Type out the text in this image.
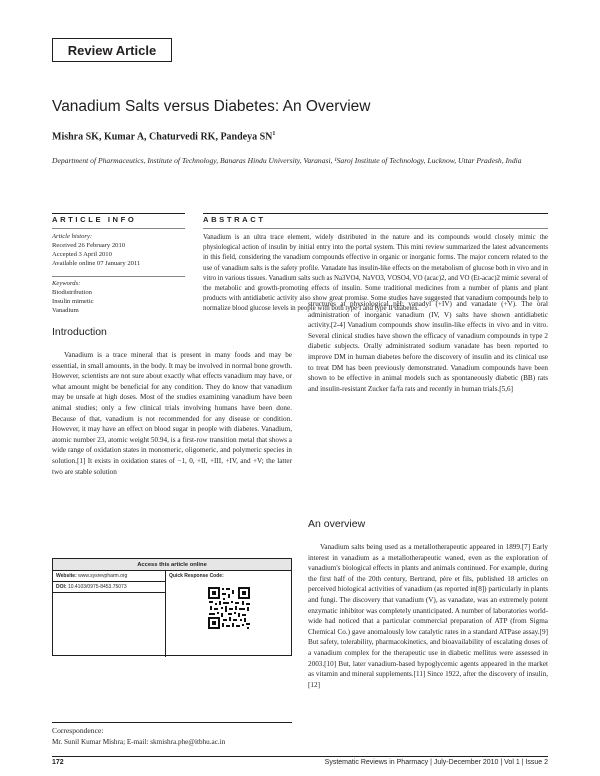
Review Article
Vanadium Salts versus Diabetes: An Overview
Mishra SK, Kumar A, Chaturvedi RK, Pandeya $SN^1$
Department of Pharmaceutics, Institute of Technology, Banaras Hindu University, Varanasi, ¹Saroj Institute of Technology, Lucknow, Uttar Pradesh, India
ARTICLE INFO
Article history:
Received 26 February 2010
Accepted 3 April 2010
Available online 07 January 2011
Keywords:
Biodistribution
Insulin mimetic
Vanadium
ABSTRACT

Vanadium is an ultra trace element, widely distributed in the nature and its compounds would closely mimic the physiological action of insulin by initial entry into the portal system. This mini review summarized the latest advancements in this field, considering the vanadium compounds effective in organic or inorganic forms. The major concern related to the use of vanadium salts is the safety profile. Vanadate has insulin-like effects on the metabolism of glucose both in vivo and in vitro in various tissues. Vanadium salts such as Na3VO4, NaVO3, VOSO4, VO (acac)2, and VO (Et-acac)2 mimic several of the metabolic and growth-promoting effects of insulin. Some traditional medicines from a number of plants and plant products with antidiabetic activity also show great promise. Some studies have suggested that vanadium compounds help to normalize blood glucose levels in people with both type I and type II diabetes.

Introduction

Vanadium is a trace mineral that is present in many foods and may be essential, in small amounts, in the body. It may be involved in normal bone growth. However, scientists are not sure about exactly what effects vanadium may have, or what amount might be beneficial for any condition. They do know that vanadium may be unsafe at high doses. Most of the studies examining vanadium have been animal studies; only a few clinical trials involving humans have been done. Because of that, vanadium is not recommended for any disease or condition. However, it may have an effect on blood sugar in people with diabetes. Vanadium, atomic number 23, atomic weight 50.94, is a first-row transition metal that shows a wide range of oxidation states in monomeric, oligomeric, and polymeric species in solution.[1] It exists in oxidation states of −1, 0, +II, +III, +IV, and +V; the latter two are stable solution

Access this article online
Website: www.sysrevpharm.org
DOI: 10.4103/0975-8453.75073
Quick Response Code:
Correspondence:
Mr. Sunil Kumar Mishra; E-mail: skmishra.phe@itbhu.ac.in

structures at physiological pH: vanadyl (+IV) and vanadate (+V). The oral administration of inorganic vanadium (IV, V) salts have shown antidiabetic activity.[2-4] Vanadium compounds show insulin-like effects in vivo and in vitro. Several clinical studies have shown the efficacy of vanadium compounds in type 2 diabetic subjects. Orally administrated sodium vanadate has been reported to improve DM in human diabetes before the discovery of insulin and its clinical use to treat DM has been previously demonstrated. Vanadium compounds have been shown to be effective in animal models such as spontaneously diabetic (BB) rats and insulin-resistant Zucker fa/fa rats and recently in human trials.[5,6]

An overview

Vanadium salts being used as a metallotherapeutic appeared in 1899.[7] Early interest in vanadium as a metallotherapeutic waned, even as the exploration of vanadium's biological effects in plants and animals continued. For example, during the first half of the 20th century, Bertrand, père et fils, published 18 articles on perceived biological activities of vanadium (as reported in[8]) particularly in plants and fungi. The discovery that vanadium (V), as vanadate, was an extremely potent enzymatic inhibitor was completely unanticipated. A number of laboratories world-wide had noticed that a particular commercial preparation of ATP (from Sigma Chemical Co.) gave anomalously low catalytic rates in a standard ATPase assay.[9] But safety, tolerability, pharmacokinetics, and bioavailability of escalating doses of a vanadium complex for the therapeutic use in diabetic mellitus were assessed in 2003.[10] But, later vanadium-based hypoglycemic agents appeared in the market as vitamin and mineral supplements.[11] Since 1922, after the discovery of insulin,[12]

172	Systematic Reviews in Pharmacy | July-December 2010 | Vol 1 | Issue 2
